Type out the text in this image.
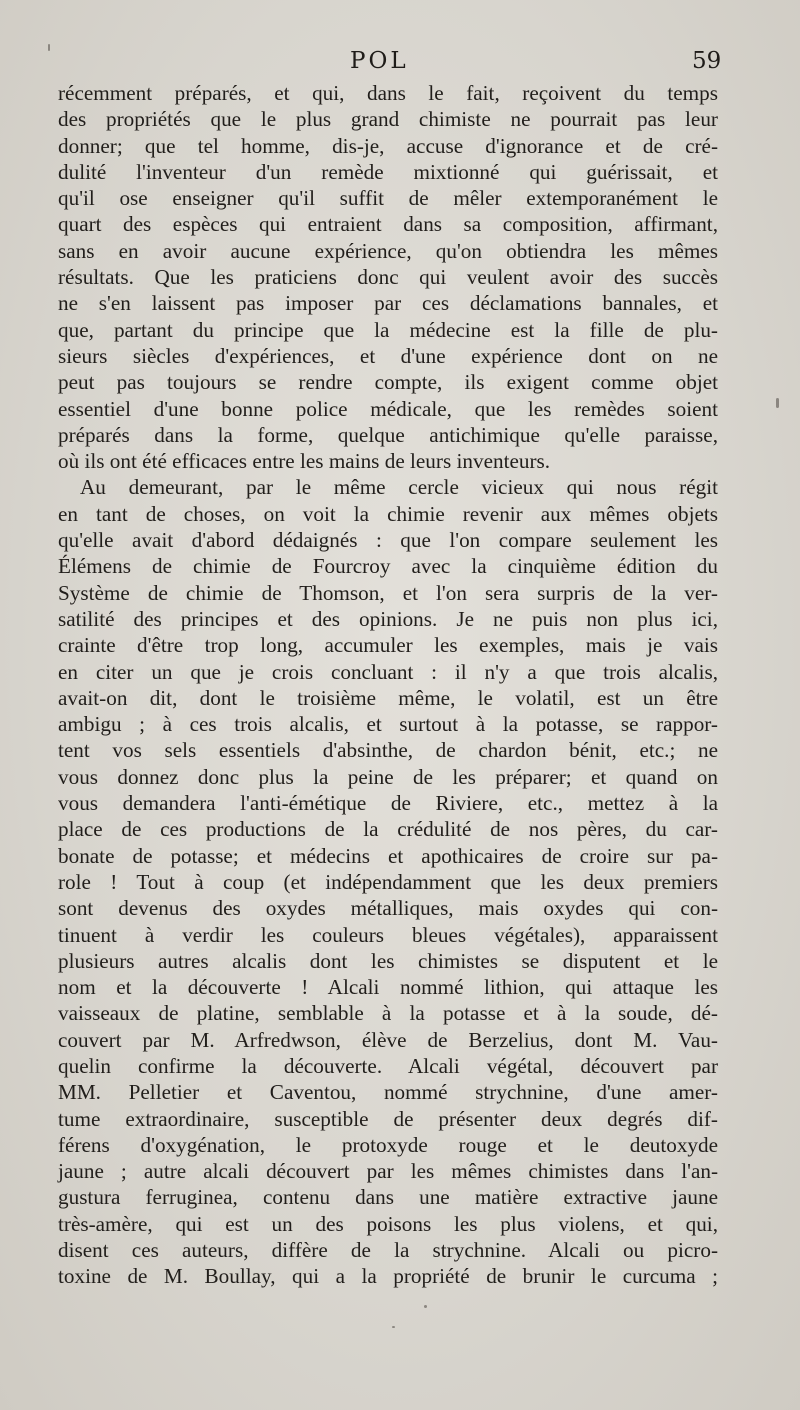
POL	59
récemment préparés, et qui, dans le fait, reçoivent du temps
des propriétés que le plus grand chimiste ne pourrait pas leur
donner; que tel homme, dis-je, accuse d'ignorance et de cré-
dulité l'inventeur d'un remède mixtionné qui guérissait, et
qu'il ose enseigner qu'il suffit de mêler extemporanément le
quart des espèces qui entraient dans sa composition, affirmant,
sans en avoir aucune expérience, qu'on obtiendra les mêmes
résultats. Que les praticiens donc qui veulent avoir des succès
ne s'en laissent pas imposer par ces déclamations bannales, et
que, partant du principe que la médecine est la fille de plu-
sieurs siècles d'expériences, et d'une expérience dont on ne
peut pas toujours se rendre compte, ils exigent comme objet
essentiel d'une bonne police médicale, que les remèdes soient
préparés dans la forme, quelque antichimique qu'elle paraisse,
où ils ont été efficaces entre les mains de leurs inventeurs.
Au demeurant, par le même cercle vicieux qui nous régit
en tant de choses, on voit la chimie revenir aux mêmes objets
qu'elle avait d'abord dédaignés : que l'on compare seulement les
Élémens de chimie de Fourcroy avec la cinquième édition du
Système de chimie de Thomson, et l'on sera surpris de la ver-
satilité des principes et des opinions. Je ne puis non plus ici,
crainte d'être trop long, accumuler les exemples, mais je vais
en citer un que je crois concluant : il n'y a que trois alcalis,
avait-on dit, dont le troisième même, le volatil, est un être
ambigu ; à ces trois alcalis, et surtout à la potasse, se rappor-
tent vos sels essentiels d'absinthe, de chardon bénit, etc.; ne
vous donnez donc plus la peine de les préparer; et quand on
vous demandera l'anti-émétique de Riviere, etc., mettez à la
place de ces productions de la crédulité de nos pères, du car-
bonate de potasse; et médecins et apothicaires de croire sur pa-
role ! Tout à coup (et indépendamment que les deux premiers
sont devenus des oxydes métalliques, mais oxydes qui con-
tinuent à verdir les couleurs bleues végétales), apparaissent
plusieurs autres alcalis dont les chimistes se disputent et le
nom et la découverte ! Alcali nommé lithion, qui attaque les
vaisseaux de platine, semblable à la potasse et à la soude, dé-
couvert par M. Arfredwson, élève de Berzelius, dont M. Vau-
quelin confirme la découverte. Alcali végétal, découvert par
MM. Pelletier et Caventou, nommé strychnine, d'une amer-
tume extraordinaire, susceptible de présenter deux degrés dif-
férens d'oxygénation, le protoxyde rouge et le deutoxyde
jaune ; autre alcali découvert par les mêmes chimistes dans l'an-
gustura ferruginea, contenu dans une matière extractive jaune
très-amère, qui est un des poisons les plus violens, et qui,
disent ces auteurs, diffère de la strychnine. Alcali ou picro-
toxine de M. Boullay, qui a la propriété de brunir le curcuma ;
